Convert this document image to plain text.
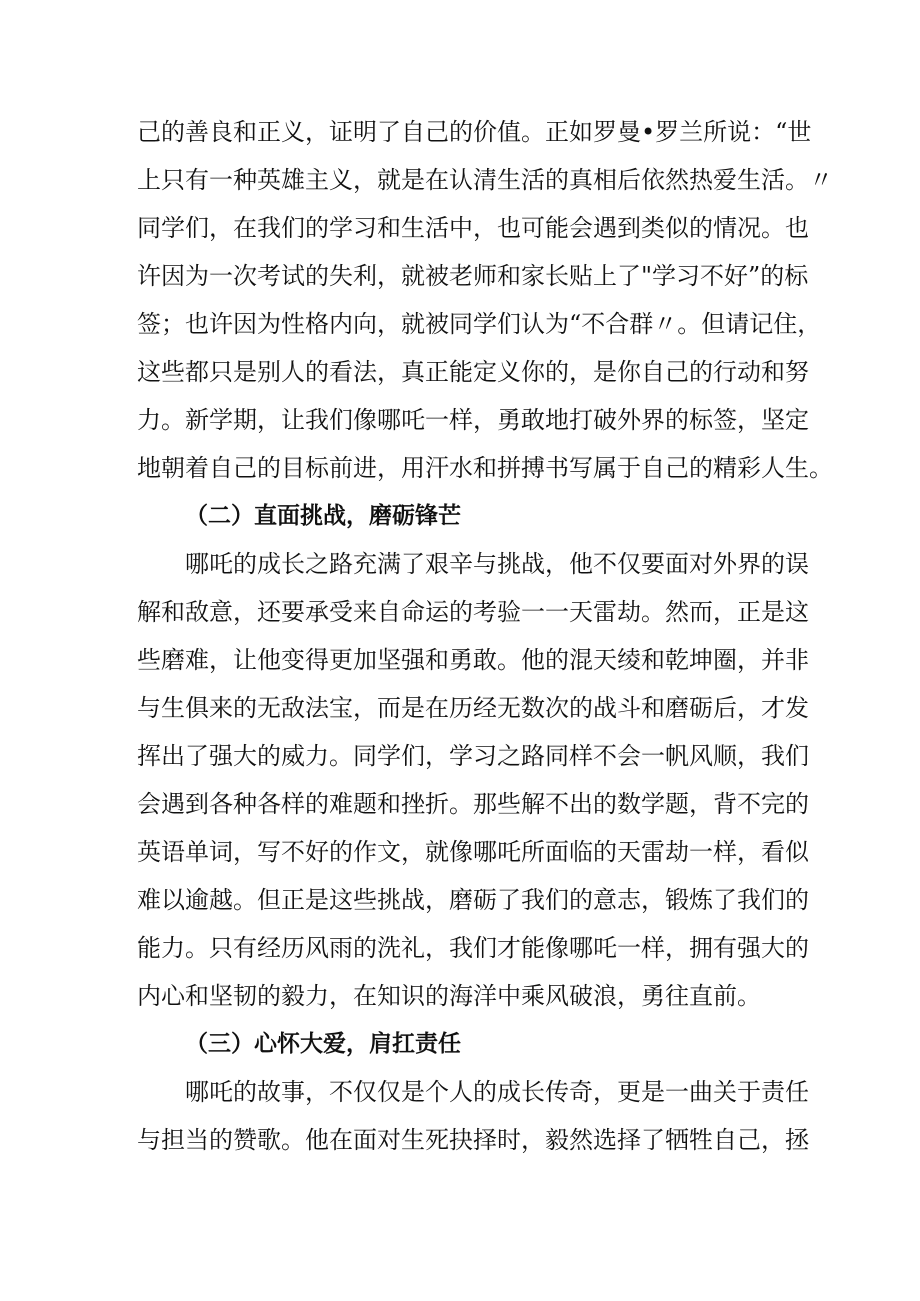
己的善良和正义，证明了自己的价值。正如罗曼•罗兰所说：“世
上只有一种英雄主义，就是在认清生活的真相后依然热爱生活。〃
同学们，在我们的学习和生活中，也可能会遇到类似的情况。也
许因为一次考试的失利，就被老师和家长贴上了"学习不好”的标
签；也许因为性格内向，就被同学们认为“不合群〃。但请记住，
这些都只是别人的看法，真正能定义你的，是你自己的行动和努
力。新学期，让我们像哪吒一样，勇敢地打破外界的标签，坚定
地朝着自己的目标前进，用汗水和拼搏书写属于自己的精彩人生。
（二）直面挑战，磨砺锋芒
哪吒的成长之路充满了艰辛与挑战，他不仅要面对外界的误
解和敌意，还要承受来自命运的考验一一天雷劫。然而，正是这
些磨难，让他变得更加坚强和勇敢。他的混天绫和乾坤圈，并非
与生俱来的无敌法宝，而是在历经无数次的战斗和磨砺后，才发
挥出了强大的威力。同学们，学习之路同样不会一帆风顺，我们
会遇到各种各样的难题和挫折。那些解不出的数学题，背不完的
英语单词，写不好的作文，就像哪吒所面临的天雷劫一样，看似
难以逾越。但正是这些挑战，磨砺了我们的意志，锻炼了我们的
能力。只有经历风雨的洗礼，我们才能像哪吒一样，拥有强大的
内心和坚韧的毅力，在知识的海洋中乘风破浪，勇往直前。
（三）心怀大爱，肩扛责任
哪吒的故事，不仅仅是个人的成长传奇，更是一曲关于责任
与担当的赞歌。他在面对生死抉择时，毅然选择了牺牲自己，拯
